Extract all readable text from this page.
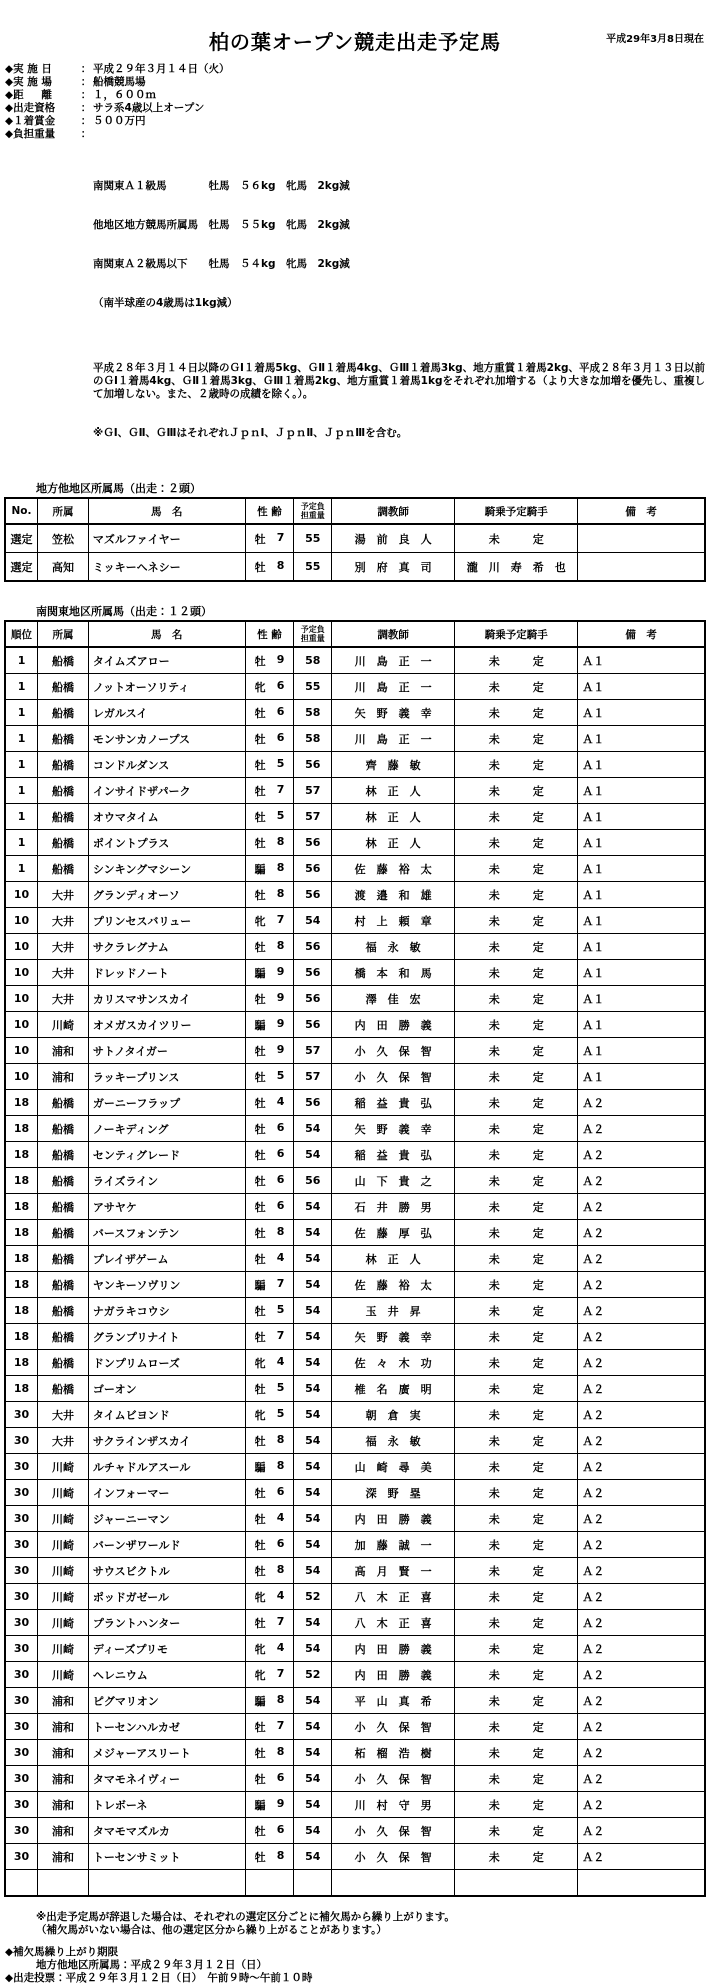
平成29年3月8日現在
柏の葉オープン競走出走予定馬
◆実 施 日	： 平成２９年３月１４日（火）
◆実 施 場	： 船橋競馬場
◆距　  離	： １，６００ｍ
◆出走資格	： サラ系4歳以上オープン
◆１着賞金	： ５００万円
◆負担重量	：

南関東Ａ１級馬　　　　牡馬　５６kg　牝馬　2kg減

他地区地方競馬所属馬　牡馬　５５kg　牝馬　2kg減

南関東Ａ２級馬以下　　牡馬　５４kg　牝馬　2kg減

（南半球産の4歳馬は1kg減）

平成２８年３月１４日以降のＧⅠ１着馬5kg、ＧⅡ１着馬4kg、ＧⅢ１着馬3kg、地方重賞１着馬2kg、平成２８年３月１３日以前のＧⅠ１着馬4kg、ＧⅡ１着馬3kg、ＧⅢ１着馬2kg、地方重賞１着馬1kgをそれぞれ加増する（より大きな加増を優先し、重複して加増しない。また、２歳時の成績を除く。）。

※ＧⅠ、ＧⅡ、ＧⅢはそれぞれＪｐｎⅠ、ＪｐｎⅡ、ＪｐｎⅢを含む。

地方他地区所属馬（出走：２頭）
No.	所属	馬　名	性 齢	予定負
担重量	調教師	騎乗予定騎手	備　考
選定	笠松	マズルファイヤー	牡 7	55	湯　前　良　人	未　　　定	
選定	高知	ミッキーヘネシー	牡 8	55	別　府　真　司	瀧　川　寿　希　也	
南関東地区所属馬（出走：１２頭）
順位	所属	馬　名	性 齢	予定負
担重量	調教師	騎乗予定騎手	備　考
1	船橋	タイムズアロー	牡 9	58	川　島　正　一	未　　　定	Ａ１
1	船橋	ノットオーソリティ	牝 6	55	川　島　正　一	未　　　定	Ａ１
1	船橋	レガルスイ	牡 6	58	矢　野　義　幸	未　　　定	Ａ１
1	船橋	モンサンカノープス	牡 6	58	川　島　正　一	未　　　定	Ａ１
1	船橋	コンドルダンス	牡 5	56	齊　藤　敏	未　　　定	Ａ１
1	船橋	インサイドザパーク	牡 7	57	林　正　人	未　　　定	Ａ１
1	船橋	オウマタイム	牡 5	57	林　正　人	未　　　定	Ａ１
1	船橋	ポイントプラス	牡 8	56	林　正　人	未　　　定	Ａ１
1	船橋	シンキングマシーン	騙 8	56	佐　藤　裕　太	未　　　定	Ａ１
10	大井	グランディオーソ	牡 8	56	渡　邉　和　雄	未　　　定	Ａ１
10	大井	プリンセスバリュー	牝 7	54	村　上　頼　章	未　　　定	Ａ１
10	大井	サクラレグナム	牡 8	56	福　永　敏	未　　　定	Ａ１
10	大井	ドレッドノート	騙 9	56	橋　本　和　馬	未　　　定	Ａ１
10	大井	カリスマサンスカイ	牡 9	56	澤　佳　宏	未　　　定	Ａ１
10	川崎	オメガスカイツリー	騙 9	56	内　田　勝　義	未　　　定	Ａ１
10	浦和	サトノタイガー	牡 9	57	小　久　保　智	未　　　定	Ａ１
10	浦和	ラッキープリンス	牡 5	57	小　久　保　智	未　　　定	Ａ１
18	船橋	ガーニーフラップ	牡 4	56	稲　益　貴　弘	未　　　定	Ａ２
18	船橋	ノーキディング	牡 6	54	矢　野　義　幸	未　　　定	Ａ２
18	船橋	センティグレード	牡 6	54	稲　益　貴　弘	未　　　定	Ａ２
18	船橋	ライズライン	牡 6	56	山　下　貴　之	未　　　定	Ａ２
18	船橋	アサヤケ	牡 6	54	石　井　勝　男	未　　　定	Ａ２
18	船橋	バースフォンテン	牡 8	54	佐　藤　厚　弘	未　　　定	Ａ２
18	船橋	プレイザゲーム	牡 4	54	林　正　人	未　　　定	Ａ２
18	船橋	ヤンキーソヴリン	騙 7	54	佐　藤　裕　太	未　　　定	Ａ２
18	船橋	ナガラキコウシ	牡 5	54	玉　井　昇	未　　　定	Ａ２
18	船橋	グランプリナイト	牡 7	54	矢　野　義　幸	未　　　定	Ａ２
18	船橋	ドンプリムローズ	牝 4	54	佐　々　木　功	未　　　定	Ａ２
18	船橋	ゴーオン	牡 5	54	椎　名　廣　明	未　　　定	Ａ２
30	大井	タイムビヨンド	牝 5	54	朝　倉　実	未　　　定	Ａ２
30	大井	サクラインザスカイ	牡 8	54	福　永　敏	未　　　定	Ａ２
30	川崎	ルチャドルアスール	騙 8	54	山　崎　尋　美	未　　　定	Ａ２
30	川崎	インフォーマー	牡 6	54	深　野　塁	未　　　定	Ａ２
30	川崎	ジャーニーマン	牡 4	54	内　田　勝　義	未　　　定	Ａ２
30	川崎	バーンザワールド	牡 6	54	加　藤　誠　一	未　　　定	Ａ２
30	川崎	サウスビクトル	牡 8	54	髙　月　賢　一	未　　　定	Ａ２
30	川崎	ポッドガゼール	牝 4	52	八　木　正　喜	未　　　定	Ａ２
30	川崎	プラントハンター	牡 7	54	八　木　正　喜	未　　　定	Ａ２
30	川崎	ディーズプリモ	牝 4	54	内　田　勝　義	未　　　定	Ａ２
30	川崎	ヘレニウム	牝 7	52	内　田　勝　義	未　　　定	Ａ２
30	浦和	ピグマリオン	騙 8	54	平　山　真　希	未　　　定	Ａ２
30	浦和	トーセンハルカゼ	牡 7	54	小　久　保　智	未　　　定	Ａ２
30	浦和	メジャーアスリート	牡 8	54	柘　榴　浩　樹	未　　　定	Ａ２
30	浦和	タマモネイヴィー	牡 6	54	小　久　保　智	未　　　定	Ａ２
30	浦和	トレボーネ	騙 9	54	川　村　守　男	未　　　定	Ａ２
30	浦和	タマモマズルカ	牡 6	54	小　久　保　智	未　　　定	Ａ２
30	浦和	トーセンサミット	牡 8	54	小　久　保　智	未　　　定	Ａ２

※出走予定馬が辞退した場合は、それぞれの選定区分ごとに補欠馬から繰り上がります。
（補欠馬がいない場合は、他の選定区分から繰り上がることがあります。）
◆補欠馬繰り上がり期限
地方他地区所属馬：平成２９年３月１２日（日）
◆出走投票：平成２９年３月１２日（日）　午前９時～午前１０時
